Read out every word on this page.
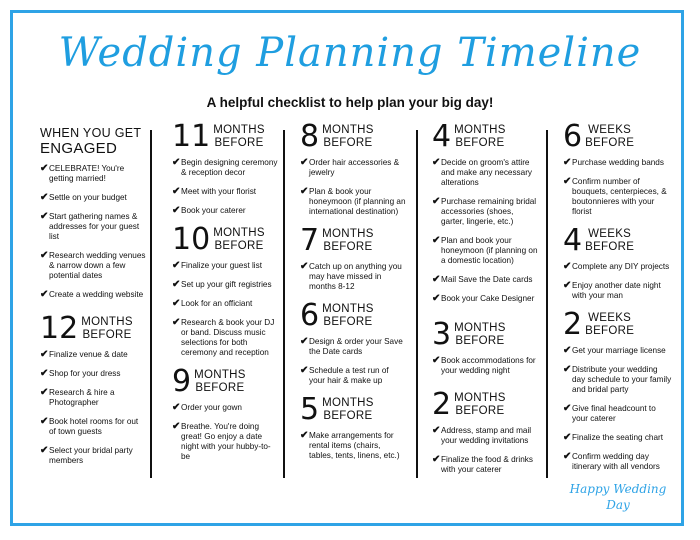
Wedding Planning Timeline
A helpful checklist to help plan your big day!
WHEN YOU GET
ENGAGED
✔ CELEBRATE! You're getting married!
✔ Settle on your budget
✔ Start gathering names & addresses for your guest list
✔ Research wedding venues & narrow down a few potential dates
✔ Create a wedding website
12 MONTHS
BEFORE
✔ Finalize venue & date
✔ Shop for your dress
✔ Research & hire a Photographer
✔ Book hotel rooms for out of town guests
✔ Select your bridal party members
11 MONTHS
BEFORE
✔ Begin designing ceremony & reception decor
✔ Meet with your florist
✔ Book your caterer
10 MONTHS
BEFORE
✔ Finalize your guest list
✔ Set up your gift registries
✔ Look for an officiant
✔ Research & book your DJ or band. Discuss music selections for both ceremony and reception
9 MONTHS
BEFORE
✔ Order your gown
✔ Breathe. You're doing great! Go enjoy a date night with your hubby-to-be
8 MONTHS
BEFORE
✔ Order hair accessories & jewelry
✔ Plan & book your honeymoon (if planning an international destination)
7 MONTHS
BEFORE
✔ Catch up on anything you may have missed in months 8-12
6 MONTHS
BEFORE
✔ Design & order your Save the Date cards
✔ Schedule a test run of your hair & make up
5 MONTHS
BEFORE
✔ Make arrangements for rental items (chairs, tables, tents, linens, etc.)
4 MONTHS
BEFORE
✔ Decide on groom's attire and make any necessary alterations
✔ Purchase remaining bridal accessories (shoes, garter, lingerie, etc.)
✔ Plan and book your honeymoon (if planning on a domestic location)
✔ Mail Save the Date cards
✔ Book your Cake Designer
3 MONTHS
BEFORE
✔ Book accommodations for your wedding night
2 MONTHS
BEFORE
✔ Address, stamp and mail your wedding invitations
✔ Finalize the food & drinks with your caterer
6 WEEKS
BEFORE
✔ Purchase wedding bands
✔ Confirm number of bouquets, centerpieces, & boutonnieres with your florist
4 WEEKS
BEFORE
✔ Complete any DIY projects
✔ Enjoy another date night with your man
2 WEEKS
BEFORE
✔ Get your marriage license
✔ Distribute your wedding day schedule to your family and bridal party
✔ Give final headcount to your caterer
✔ Finalize the seating chart
✔ Confirm wedding day itinerary with all vendors
Happy Wedding
Day
